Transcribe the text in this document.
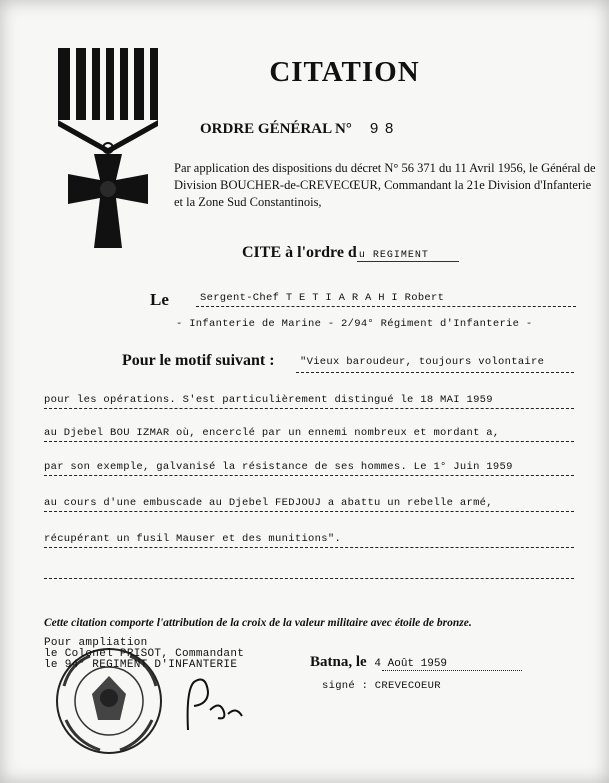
CITATION
ORDRE GÉNÉRAL N° 98
Par application des dispositions du décret N° 56 371 du 11 Avril 1956, le Général de Division BOUCHER-de-CREVECŒUR, Commandant la 21e Division d'Infanterie et la Zone Sud Constantinois,
CITE à l'ordre d u REGIMENT
Le	Sergent-Chef T E T I A R A H I Robert
- Infanterie de Marine - 2/94° Régiment d'Infanterie -
Pour le motif suivant : "Vieux baroudeur, toujours volontaire
pour les opérations. S'est particulièrement distingué le 18 MAI 1959
au Djebel BOU IZMAR où, encerclé par un ennemi nombreux et mordant a,
par son exemple, galvanisé la résistance de ses hommes. Le 1° Juin 1959
au cours d'une embuscade au Djebel FEDJOUJ a abattu un rebelle armé,
récupérant un fusil Mauser et des munitions".
Cette citation comporte l'attribution de la croix de la valeur militaire avec étoile de bronze.
Pour ampliation
le Colonel PRISOT, Commandant
le 94° REGIMENT D'INFANTERIE	Batna, le 4 Août 1959
signé : CREVECOEUR
